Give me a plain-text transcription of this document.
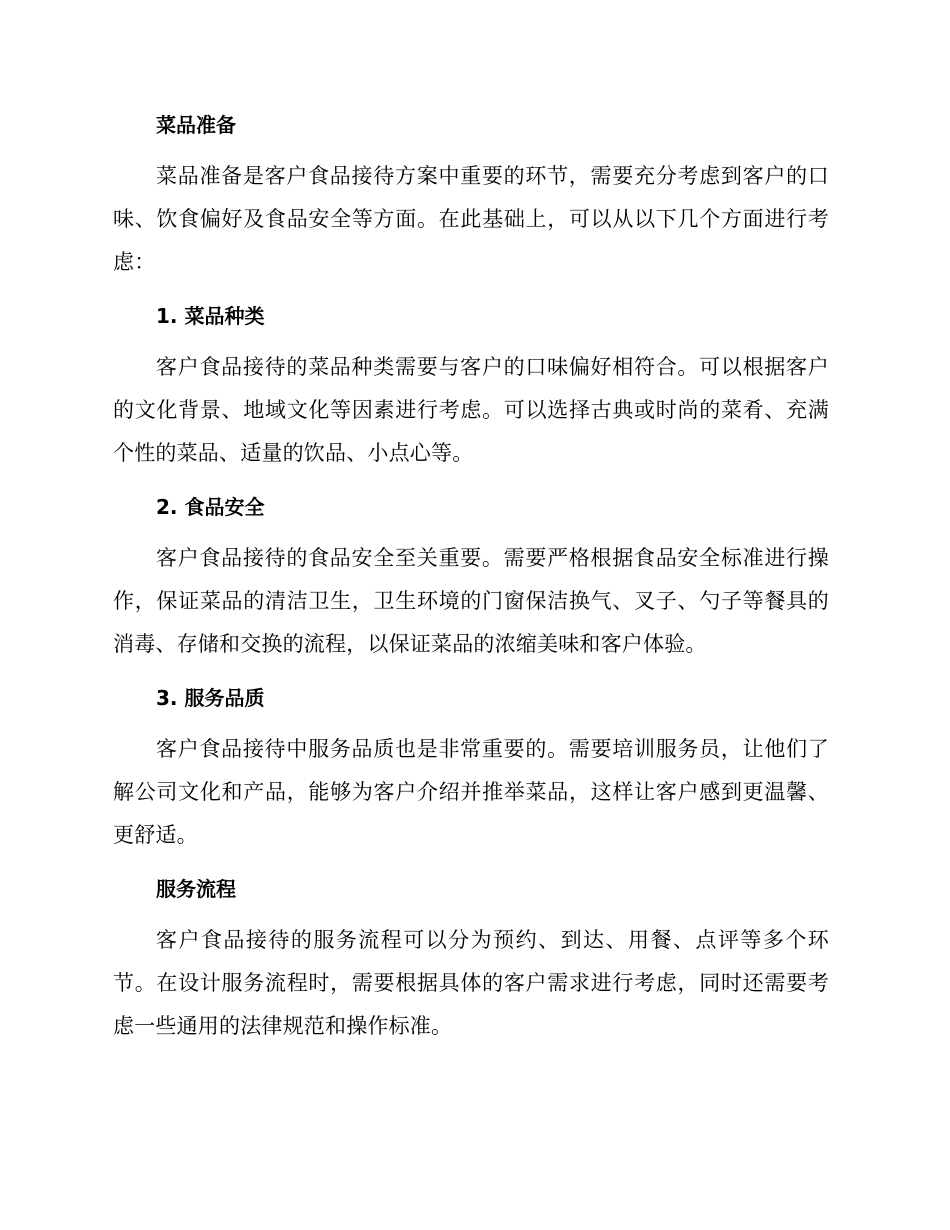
菜品准备

菜品准备是客户食品接待方案中重要的环节，需要充分考虑到客户的口味、饮食偏好及食品安全等方面。在此基础上，可以从以下几个方面进行考虑：

1. 菜品种类

客户食品接待的菜品种类需要与客户的口味偏好相符合。可以根据客户的文化背景、地域文化等因素进行考虑。可以选择古典或时尚的菜肴、充满个性的菜品、适量的饮品、小点心等。

2. 食品安全

客户食品接待的食品安全至关重要。需要严格根据食品安全标准进行操作，保证菜品的清洁卫生，卫生环境的门窗保洁换气、叉子、勺子等餐具的消毒、存储和交换的流程，以保证菜品的浓缩美味和客户体验。

3. 服务品质

客户食品接待中服务品质也是非常重要的。需要培训服务员，让他们了解公司文化和产品，能够为客户介绍并推举菜品，这样让客户感到更温馨、更舒适。

服务流程

客户食品接待的服务流程可以分为预约、到达、用餐、点评等多个环节。在设计服务流程时，需要根据具体的客户需求进行考虑，同时还需要考虑一些通用的法律规范和操作标准。
